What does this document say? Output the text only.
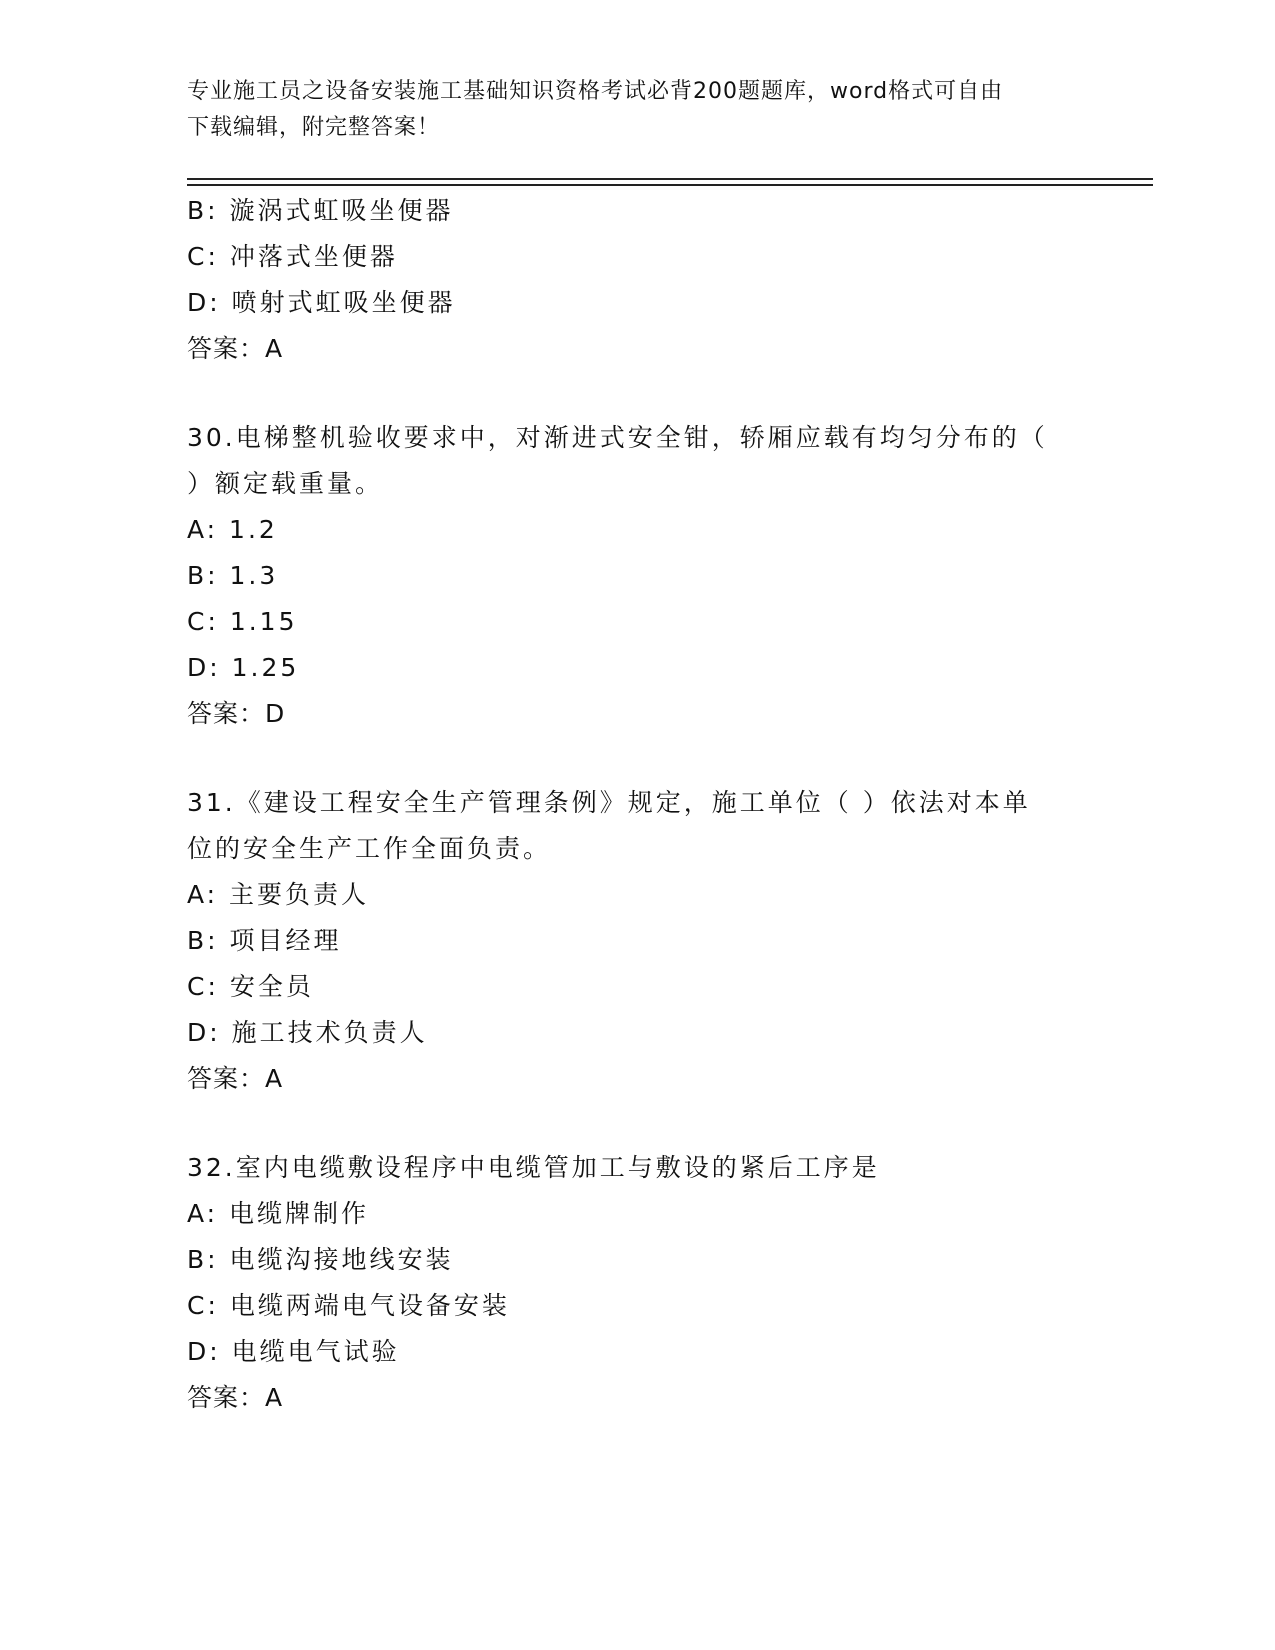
专业施工员之设备安装施工基础知识资格考试必背200题题库，word格式可自由
下载编辑，附完整答案！
B: 漩涡式虹吸坐便器
C: 冲落式坐便器
D: 喷射式虹吸坐便器
答案：A
30.电梯整机验收要求中，对渐进式安全钳，轿厢应载有均匀分布的（
）额定载重量。
A: 1.2
B: 1.3
C: 1.15
D: 1.25
答案：D
31.《建设工程安全生产管理条例》规定，施工单位（ ）依法对本单
位的安全生产工作全面负责。
A: 主要负责人
B: 项目经理
C: 安全员
D: 施工技术负责人
答案：A
32.室内电缆敷设程序中电缆管加工与敷设的紧后工序是
A: 电缆牌制作
B: 电缆沟接地线安装
C: 电缆两端电气设备安装
D: 电缆电气试验
答案：A
